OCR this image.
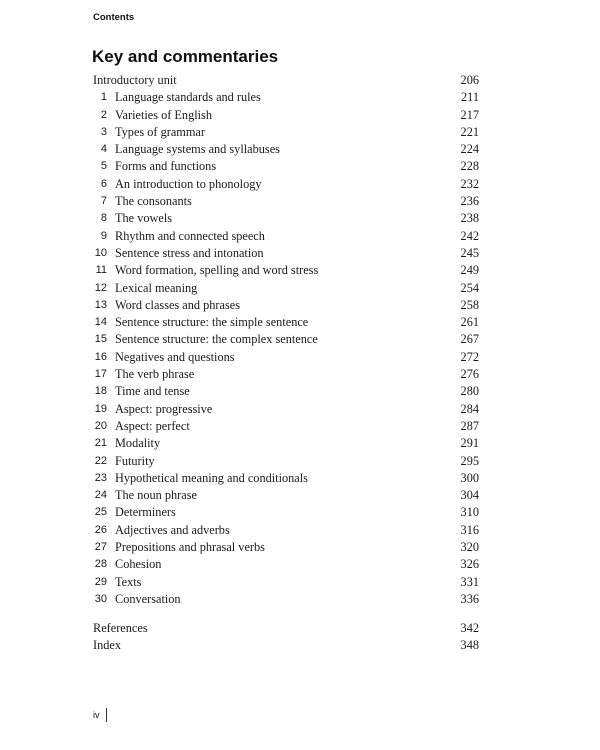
Contents
Key and commentaries
Introductory unit	206
1 Language standards and rules	211
2 Varieties of English	217
3 Types of grammar	221
4 Language systems and syllabuses	224
5 Forms and functions	228
6 An introduction to phonology	232
7 The consonants	236
8 The vowels	238
9 Rhythm and connected speech	242
10 Sentence stress and intonation	245
11 Word formation, spelling and word stress	249
12 Lexical meaning	254
13 Word classes and phrases	258
14 Sentence structure: the simple sentence	261
15 Sentence structure: the complex sentence	267
16 Negatives and questions	272
17 The verb phrase	276
18 Time and tense	280
19 Aspect: progressive	284
20 Aspect: perfect	287
21 Modality	291
22 Futurity	295
23 Hypothetical meaning and conditionals	300
24 The noun phrase	304
25 Determiners	310
26 Adjectives and adverbs	316
27 Prepositions and phrasal verbs	320
28 Cohesion	326
29 Texts	331
30 Conversation	336
References	342
Index	348
iv
